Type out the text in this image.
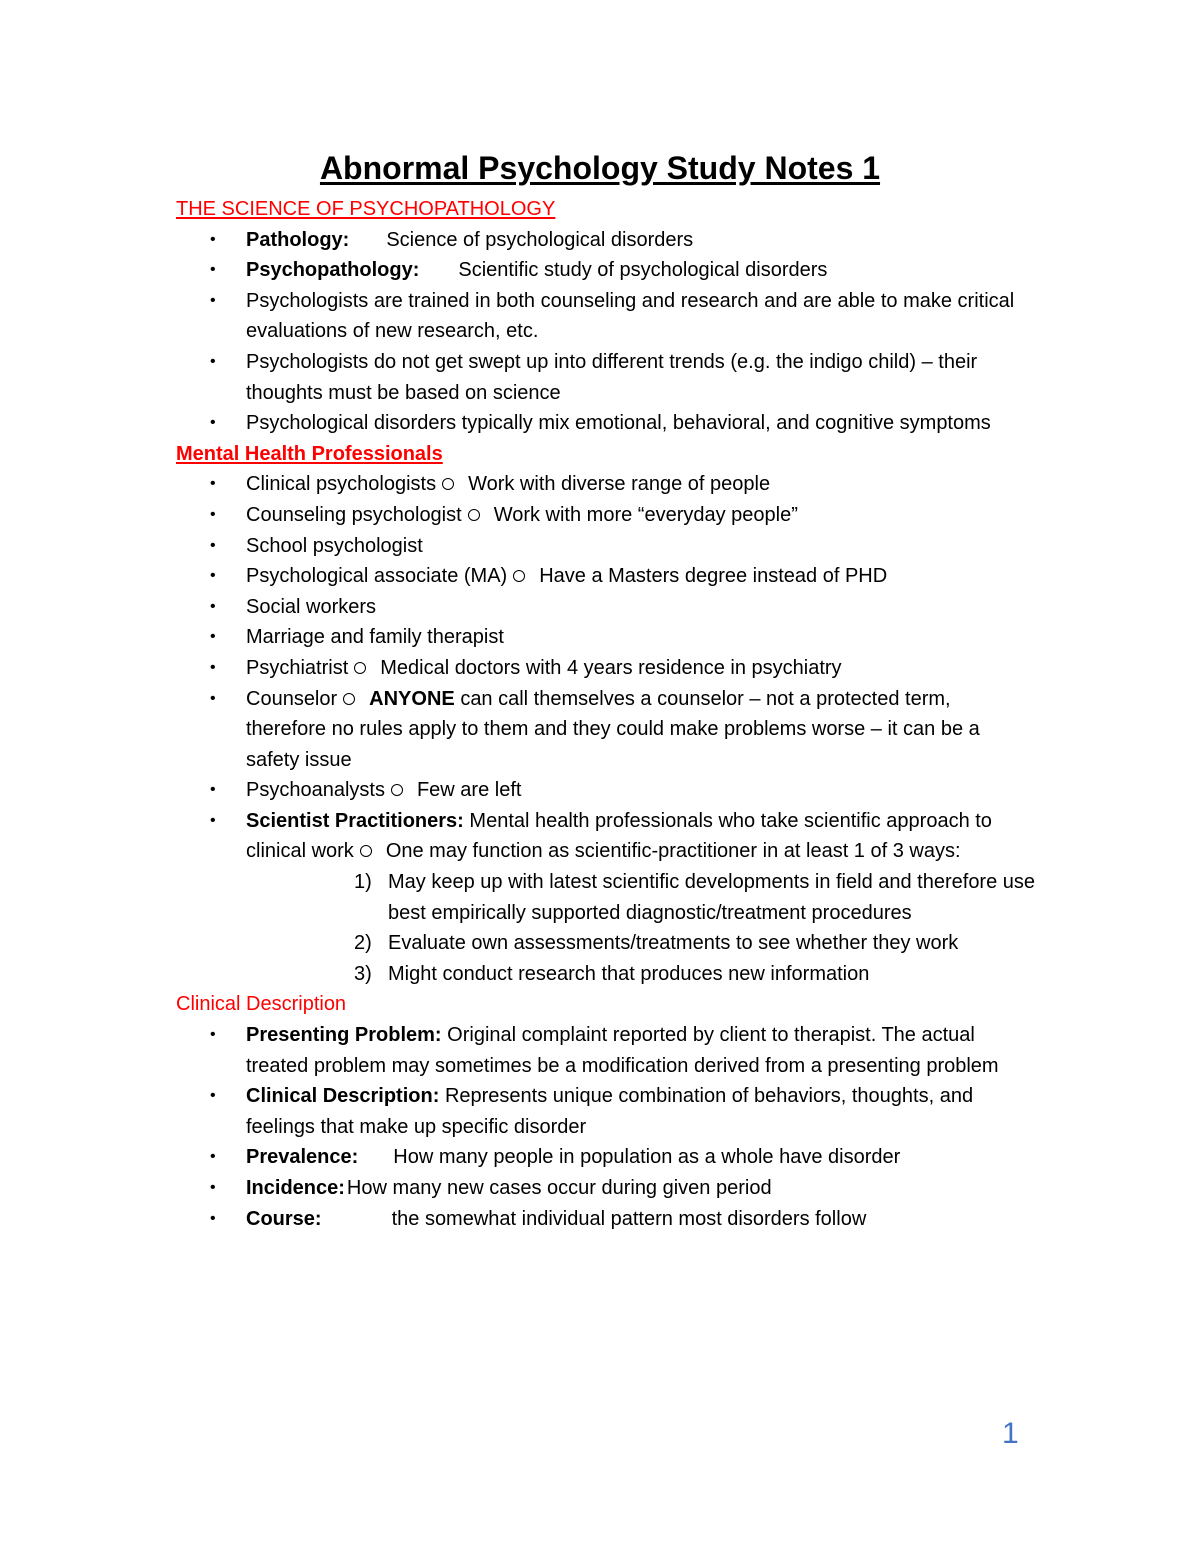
Abnormal Psychology Study Notes 1
THE SCIENCE OF PSYCHOPATHOLOGY
• Pathology: Science of psychological disorders
• Psychopathology: Scientific study of psychological disorders
• Psychologists are trained in both counseling and research and are able to make critical evaluations of new research, etc.
• Psychologists do not get swept up into different trends (e.g. the indigo child) – their thoughts must be based on science
• Psychological disorders typically mix emotional, behavioral, and cognitive symptoms
Mental Health Professionals
• Clinical psychologists Work with diverse range of people
• Counseling psychologist Work with more “everyday people”
• School psychologist
• Psychological associate (MA) Have a Masters degree instead of PHD
• Social workers
• Marriage and family therapist
• Psychiatrist Medical doctors with 4 years residence in psychiatry
• Counselor ANYONE can call themselves a counselor – not a protected term, therefore no rules apply to them and they could make problems worse – it can be a safety issue
• Psychoanalysts Few are left
• Scientist Practitioners: Mental health professionals who take scientific approach to clinical work One may function as scientific-practitioner in at least 1 of 3 ways:
1) May keep up with latest scientific developments in field and therefore use best empirically supported diagnostic/treatment procedures
2) Evaluate own assessments/treatments to see whether they work
3) Might conduct research that produces new information
Clinical Description
• Presenting Problem: Original complaint reported by client to therapist. The actual treated problem may sometimes be a modification derived from a presenting problem
• Clinical Description: Represents unique combination of behaviors, thoughts, and feelings that make up specific disorder
• Prevalence: How many people in population as a whole have disorder
• Incidence: How many new cases occur during given period
• Course:	the somewhat individual pattern most disorders follow
1
